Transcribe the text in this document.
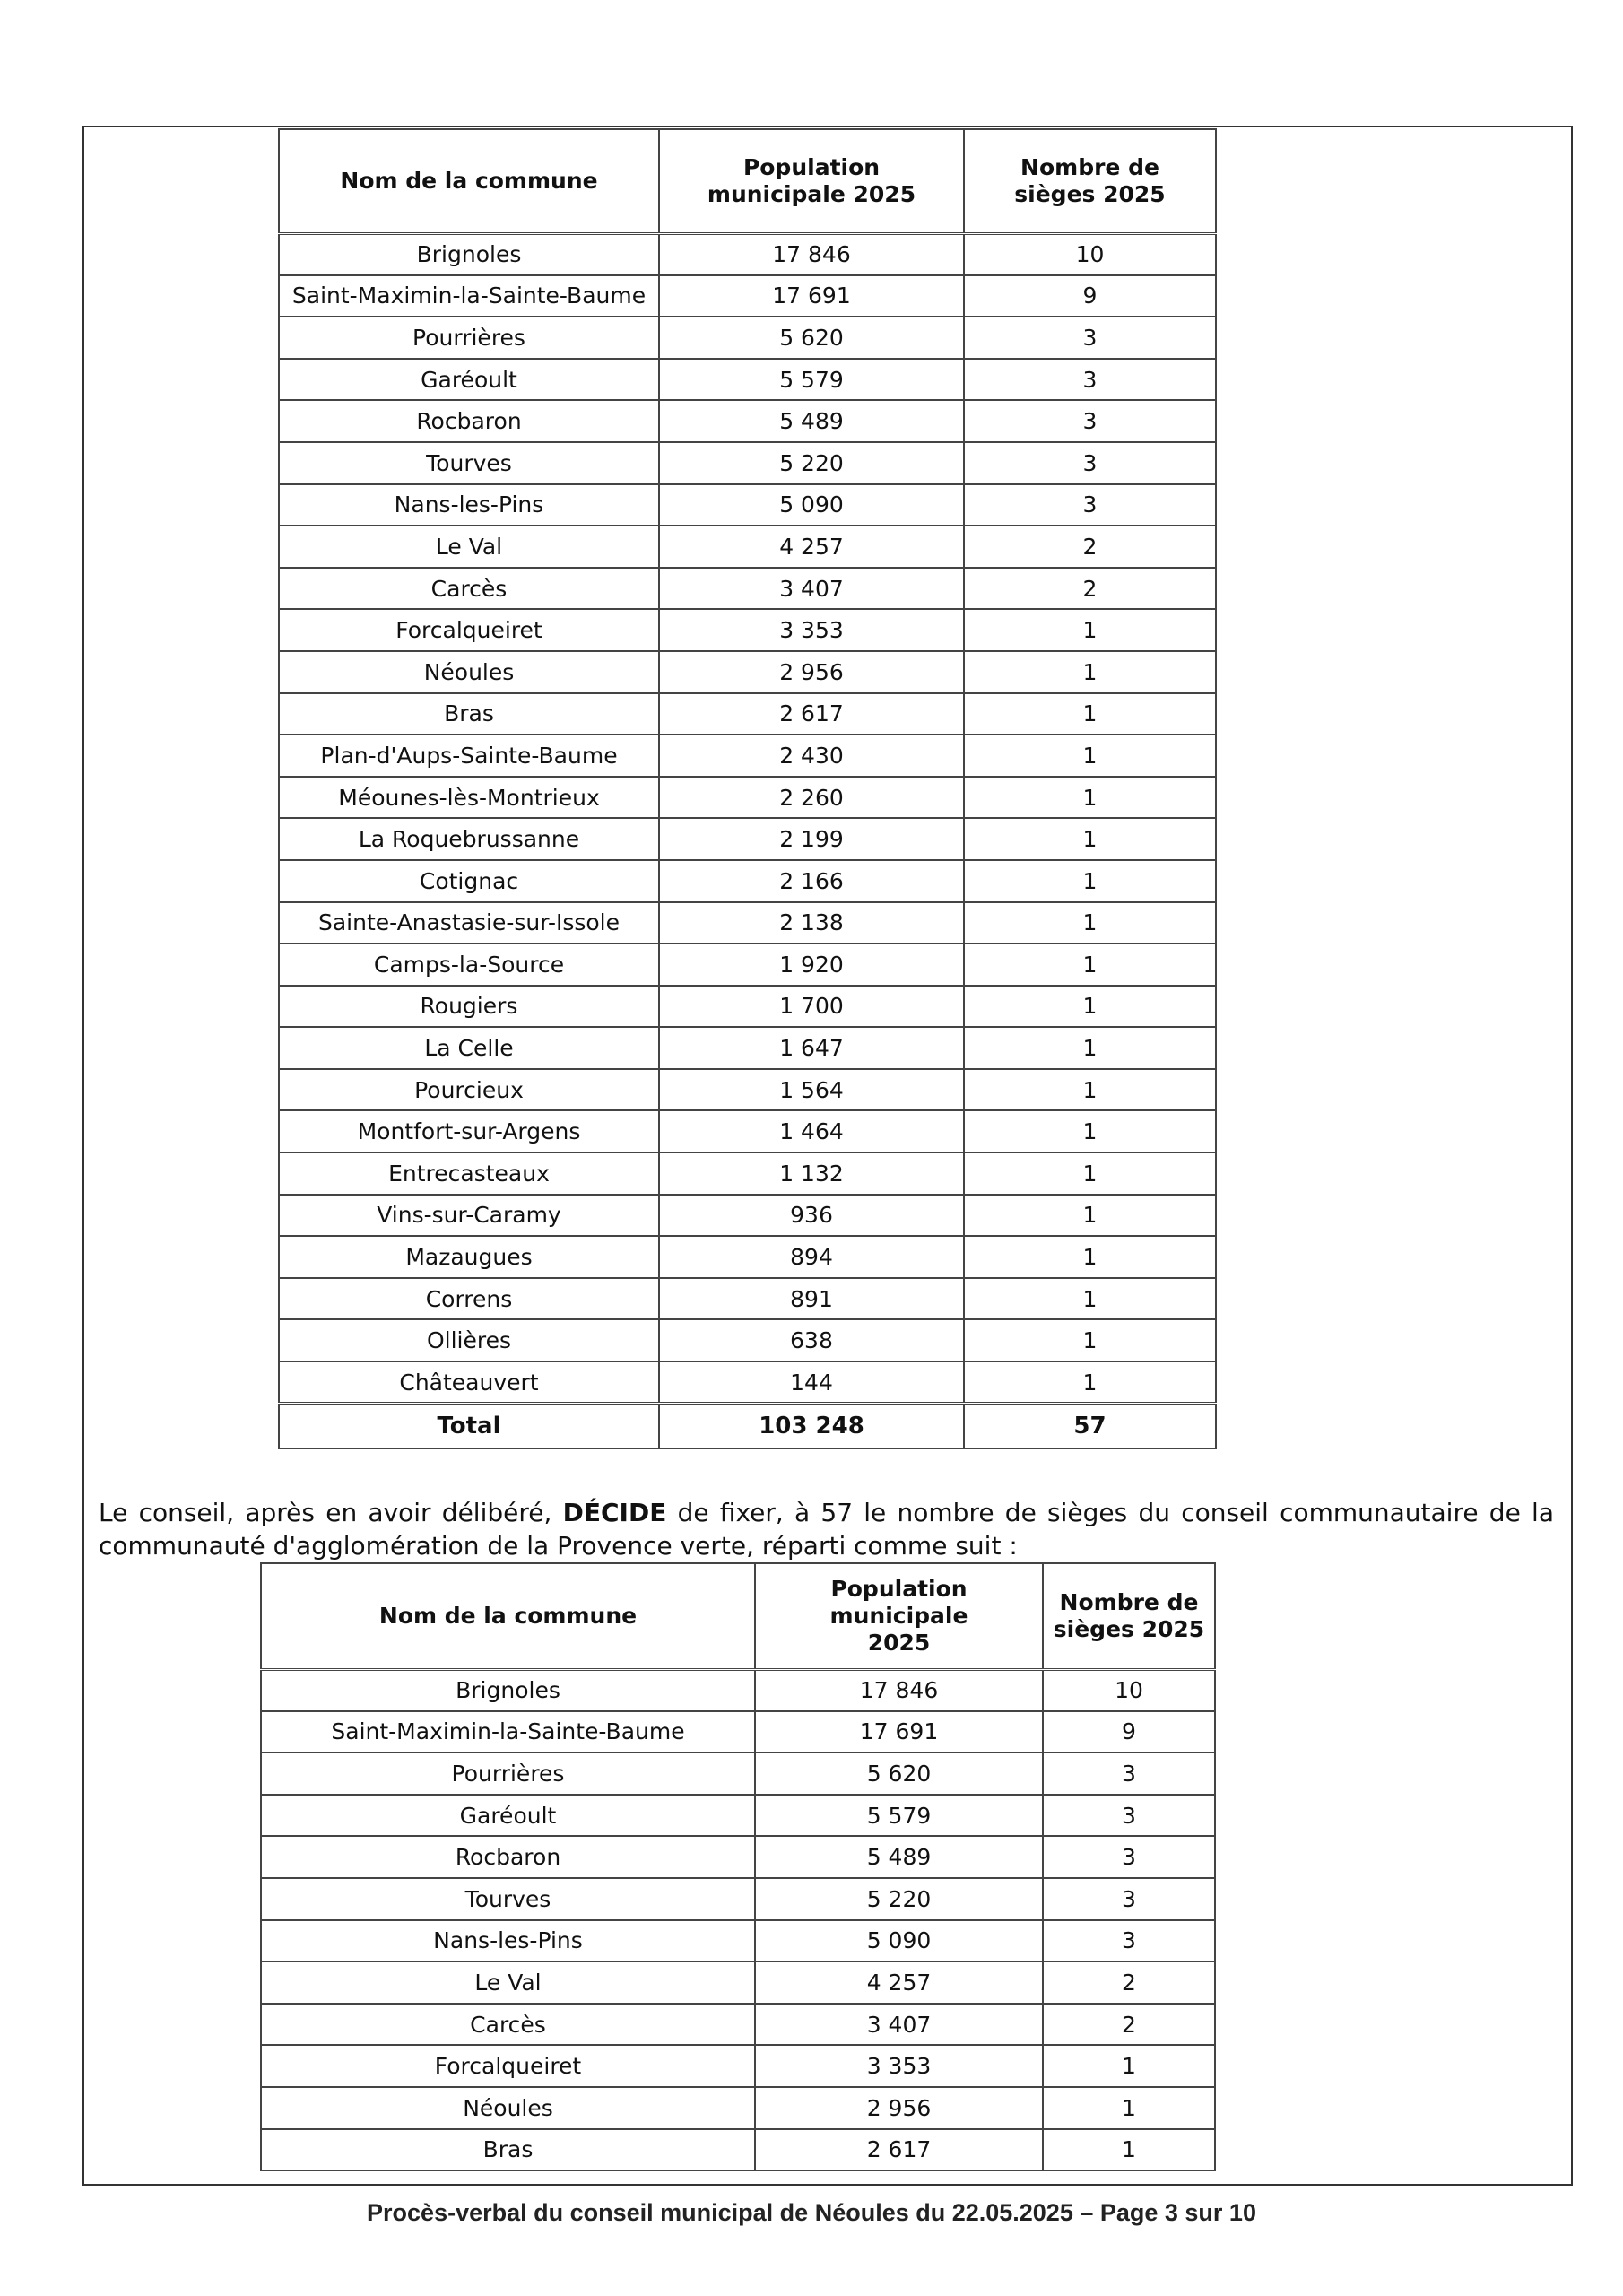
Nom de la commune	Population municipale 2025	Nombre de sièges 2025
Brignoles	17 846	10
Saint-Maximin-la-Sainte-Baume	17 691	9
Pourrières	5 620	3
Garéoult	5 579	3
Rocbaron	5 489	3
Tourves	5 220	3
Nans-les-Pins	5 090	3
Le Val	4 257	2
Carcès	3 407	2
Forcalqueiret	3 353	1
Néoules	2 956	1
Bras	2 617	1
Plan-d'Aups-Sainte-Baume	2 430	1
Méounes-lès-Montrieux	2 260	1
La Roquebrussanne	2 199	1
Cotignac	2 166	1
Sainte-Anastasie-sur-Issole	2 138	1
Camps-la-Source	1 920	1
Rougiers	1 700	1
La Celle	1 647	1
Pourcieux	1 564	1
Montfort-sur-Argens	1 464	1
Entrecasteaux	1 132	1
Vins-sur-Caramy	936	1
Mazaugues	894	1
Correns	891	1
Ollières	638	1
Châteauvert	144	1
Total	103 248	57

Le conseil, après en avoir délibéré, DÉCIDE de fixer, à 57 le nombre de sièges du conseil communautaire de la communauté d'agglomération de la Provence verte, réparti comme suit :

Nom de la commune	Population municipale 2025	Nombre de sièges 2025
Brignoles	17 846	10
Saint-Maximin-la-Sainte-Baume	17 691	9
Pourrières	5 620	3
Garéoult	5 579	3
Rocbaron	5 489	3
Tourves	5 220	3
Nans-les-Pins	5 090	3
Le Val	4 257	2
Carcès	3 407	2
Forcalqueiret	3 353	1
Néoules	2 956	1
Bras	2 617	1
Procès-verbal du conseil municipal de Néoules du 22.05.2025 – Page 3 sur 10
